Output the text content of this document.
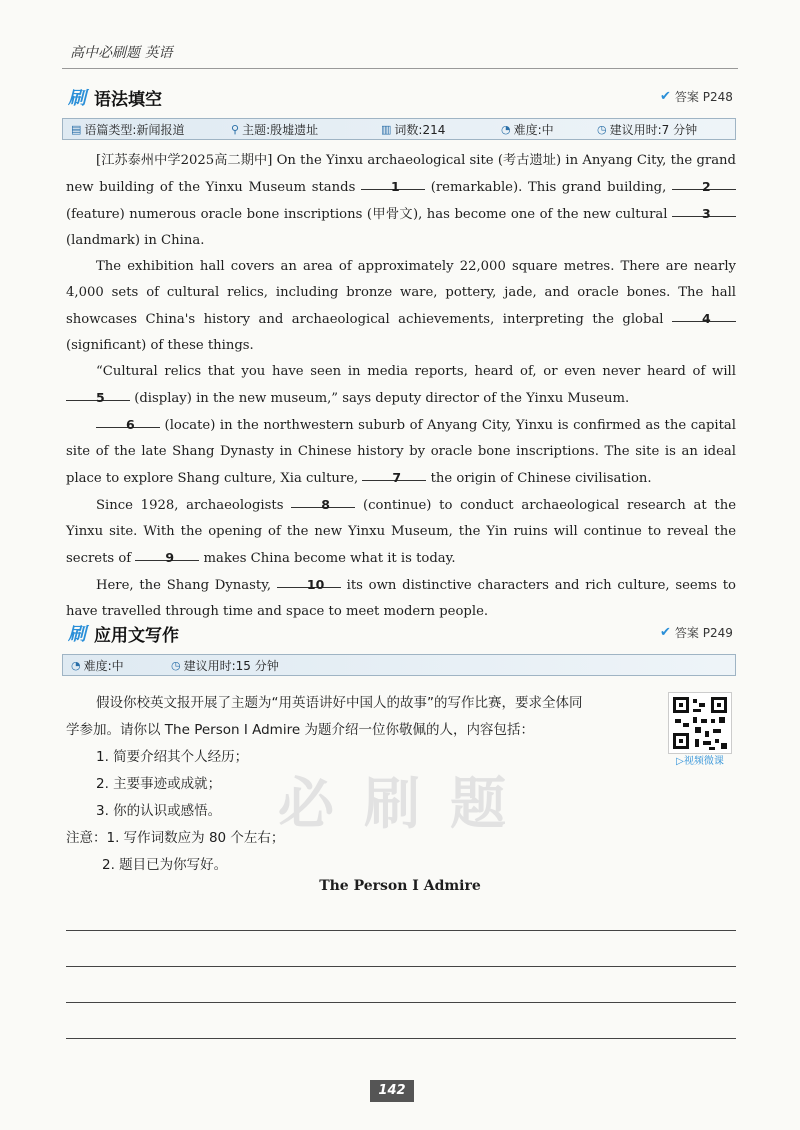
高中必刷题 英语
刷 语法填空	✔ 答案 P248
▤ 语篇类型:新闻报道	⚲ 主题:殷墟遗址	▥ 词数:214	◔ 难度:中	◷ 建议用时:7 分钟

[江苏泰州中学2025高二期中] On the Yinxu archaeological site (考古遗址) in Anyang City, the grand new building of the Yinxu Museum stands 1 (remarkable). This grand building, 2 (feature) numerous oracle bone inscriptions (甲骨文), has become one of the new cultural 3 (landmark) in China.

The exhibition hall covers an area of approximately 22,000 square metres. There are nearly 4,000 sets of cultural relics, including bronze ware, pottery, jade, and oracle bones. The hall showcases China's history and archaeological achievements, interpreting the global 4 (significant) of these things.

“Cultural relics that you have seen in media reports, heard of, or even never heard of will 5 (display) in the new museum,” says deputy director of the Yinxu Museum.

6 (locate) in the northwestern suburb of Anyang City, Yinxu is confirmed as the capital site of the late Shang Dynasty in Chinese history by oracle bone inscriptions. The site is an ideal place to explore Shang culture, Xia culture, 7 the origin of Chinese civilisation.

Since 1928, archaeologists 8 (continue) to conduct archaeological research at the Yinxu site. With the opening of the new Yinxu Museum, the Yin ruins will continue to reveal the secrets of 9 makes China become what it is today.

Here, the Shang Dynasty, 10 its own distinctive characters and rich culture, seems to have travelled through time and space to meet modern people.

刷 应用文写作	✔ 答案 P249
◔ 难度:中	◷ 建议用时:15 分钟
必刷题
假设你校英文报开展了主题为“用英语讲好中国人的故事”的写作比赛，要求全体同
学参加。请你以 The Person I Admire 为题介绍一位你敬佩的人，内容包括：
1. 简要介绍其个人经历；
2. 主要事迹或成就；
3. 你的认识或感悟。
注意：1. 写作词数应为 80 个左右；
2. 题目已为你写好。
▷视频微课
The Person I Admire
142
